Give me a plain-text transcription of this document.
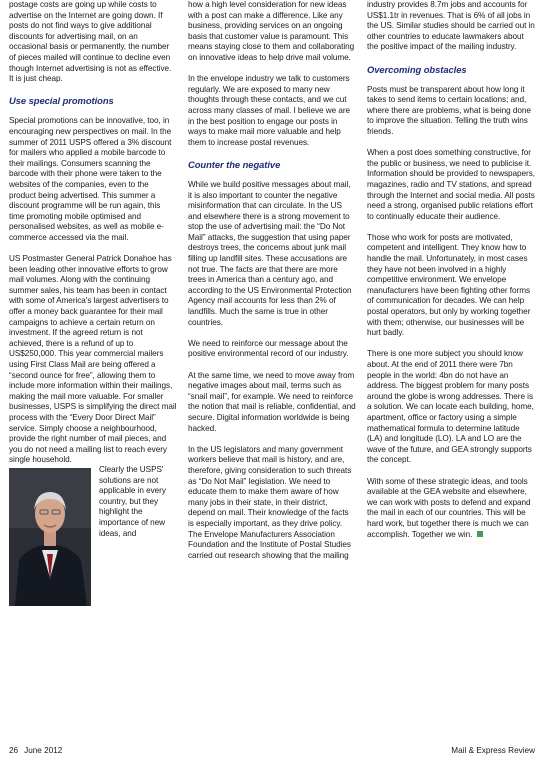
postage costs are going up while costs to advertise on the Internet are going down. If posts do not find ways to give additional discounts for advertising mail, on an occasional basis or permanently, the number of pieces mailed will continue to decline even though Internet advertising is not as effective. It is just cheap.

Use special promotions

Special promotions can be innovative, too, in encouraging new perspectives on mail. In the summer of 2011 USPS offered a 3% discount for mailers who applied a mobile barcode to their mailings. Consumers scanning the barcode with their phone were taken to the websites of the companies, even to the product being advertised. This summer a discount programme will be run again, this time promoting mobile optimised and personalised websites, as well as mobile e-commerce accessed via the mail.

US Postmaster General Patrick Donahoe has been leading other innovative efforts to grow mail volumes. Along with the continuing summer sales, his team has been in contact with some of America's largest advertisers to offer a money back guarantee for their mail campaigns to achieve a certain return on investment. If the agreed return is not achieved, there is a refund of up to US$250,000. This year commercial mailers using First Class Mail are being offered a “second ounce for free”, allowing them to include more information within their mailings, making the mail more valuable. For smaller businesses, USPS is simplifying the direct mail process with the “Every Door Direct Mail” service. Simply choose a neighbourhood, provide the right number of mail pieces, and you do not need a mailing list to reach every single household.

Clearly the USPS' solutions are not applicable in every country, but they highlight the importance of new ideas, and

how a high level consideration for new ideas with a post can make a difference. Like any business, providing services on an ongoing basis that customer value is paramount. This means staying close to them and collaborating on innovative ideas to help drive mail volume.

In the envelope industry we talk to customers regularly. We are exposed to many new thoughts through these contacts, and we cut across many classes of mail. I believe we are in the best position to engage our posts in ways to make mail more valuable and help them to increase postal revenues.

Counter the negative

While we build positive messages about mail, it is also important to counter the negative misinformation that can circulate. In the US and elsewhere there is a strong movement to stop the use of advertising mail: the “Do Not Mail” attacks, the suggestion that using paper destroys trees, the concerns about junk mail filling up landfill sites. These accusations are not true. The facts are that there are more trees in America than a century ago, and according to the US Environmental Protection Agency mail accounts for less than 2% of landfills. Much the same is true in other countries.

We need to reinforce our message about the positive environmental record of our industry.

At the same time, we need to move away from negative images about mail, terms such as “snail mail”, for example. We need to reinforce the notion that mail is reliable, confidential, and secure. Digital information worldwide is being hacked.

In the US legislators and many government workers believe that mail is history, and are, therefore, giving consideration to such threats as “Do Not Mail” legislation. We need to educate them to make them aware of how many jobs in their state, in their district, depend on mail. Their knowledge of the facts is especially important, as they drive policy. The Envelope Manufacturers Association Foundation and the Institute of Postal Studies carried out research showing that the mailing

industry provides 8.7m jobs and accounts for US$1.1tr in revenues. That is 6% of all jobs in the US. Similar studies should be carried out in other countries to educate lawmakers about the positive impact of the mailing industry.

Overcoming obstacles

Posts must be transparent about how long it takes to send items to certain locations; and, where there are problems, what is being done to improve the situation. Telling the truth wins friends.

When a post does something constructive, for the public or business, we need to publicise it. Information should be provided to newspapers, magazines, radio and TV stations, and spread through the Internet and social media. All posts need a strong, organised public relations effort to continually educate their audience.

Those who work for posts are motivated, competent and intelligent. They know how to handle the mail. Unfortunately, in most cases they have not been involved in a highly competitive environment. We envelope manufacturers have been fighting other forms of communication for decades. We can help postal operators, but only by working together with them; otherwise, our businesses will be hurt badly.

There is one more subject you should know about. At the end of 2011 there were 7bn people in the world: 4bn do not have an address. The biggest problem for many posts around the globe is wrong addresses. There is a solution. We can locate each building, home, apartment, office or factory using a simple mathematical formula to determine latitude (LA) and longitude (LO). LA and LO are the wave of the future, and GEA strongly supports the concept.

With some of these strategic ideas, and tools available at the GEA website and elsewhere, we can work with posts to defend and expand the mail in each of our countries. This will be hard work, but together there is much we can accomplish. Together we win.

26 June 2012	Mail & Express Review
